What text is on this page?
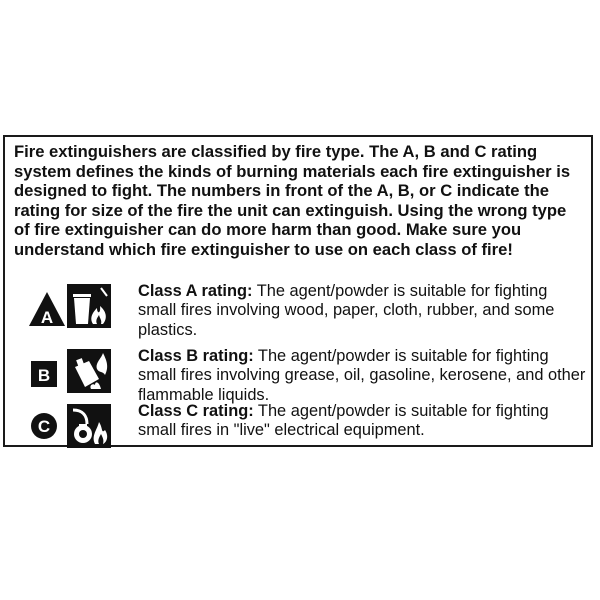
Fire extinguishers are classified by fire type. The A, B and C rating system defines the kinds of burning materials each fire extinguisher is designed to fight. The numbers in front of the A, B, or C indicate the rating for size of the fire the unit can extinguish. Using the wrong type of fire extinguisher can do more harm than good. Make sure you understand which fire extinguisher to use on each class of fire!

A

Class A rating: The agent/powder is suitable for fighting small fires involving wood, paper, cloth, rubber, and some plastics.

B

Class B rating: The agent/powder is suitable for fighting small fires involving grease, oil, gasoline, kerosene, and other flammable liquids.

C

Class C rating: The agent/powder is suitable for fighting small fires in "live" electrical equipment.
